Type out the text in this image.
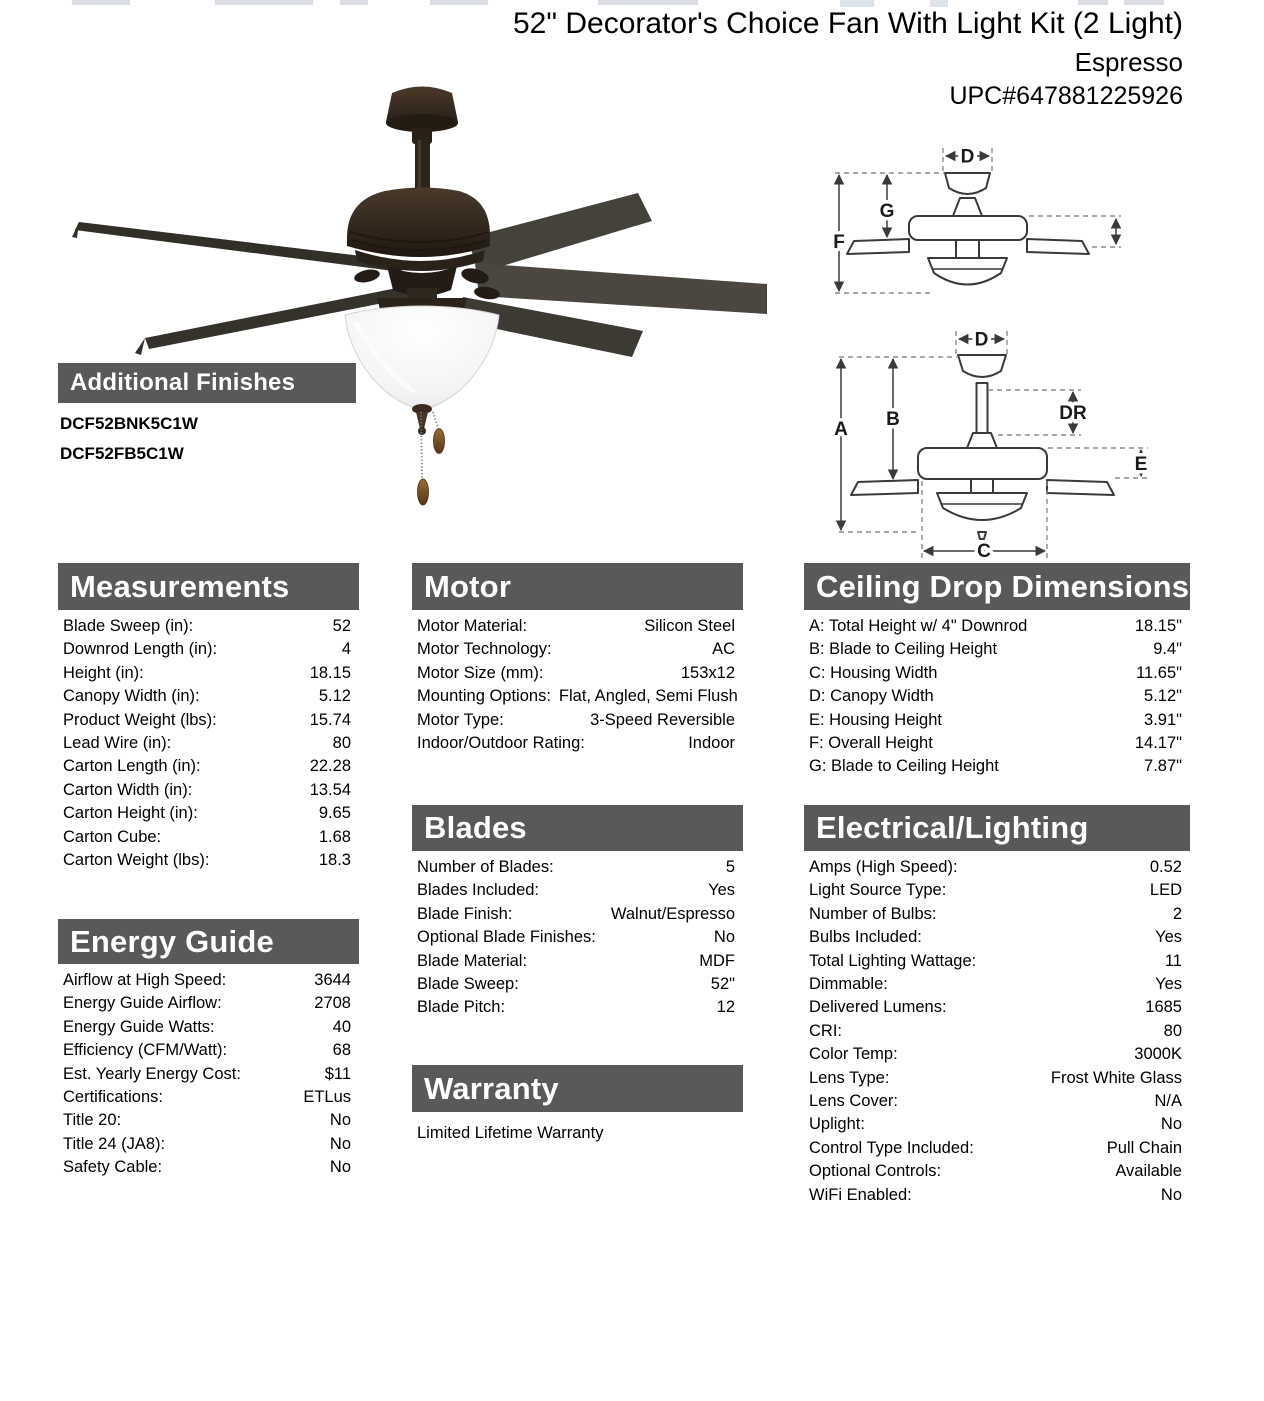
D
F
G
D
A B	DR
E
C
52" Decorator's Choice Fan With Light Kit (2 Light)
Espresso
UPC#647881225926
Additional Finishes
DCF52BNK5C1W
DCF52FB5C1W
Measurements
Blade Sweep (in):	52
Downrod Length (in):	4
Height (in):	18.15
Canopy Width (in):	5.12
Product Weight (lbs):	15.74
Lead Wire (in):	80
Carton Length (in):	22.28
Carton Width (in):	13.54
Carton Height (in):	9.65
Carton Cube:	1.68
Carton Weight (lbs):	18.3
Energy Guide
Airflow at High Speed:	3644
Energy Guide Airflow:	2708
Energy Guide Watts:	40
Efficiency (CFM/Watt):	68
Est. Yearly Energy Cost:	$11
Certifications:	ETLus
Title 20:	No
Title 24 (JA8):	No
Safety Cable:	No
Motor
Motor Material:	Silicon Steel
Motor Technology:	AC
Motor Size (mm):	153x12
Mounting Options: Flat, Angled, Semi Flush
Motor Type:	3-Speed Reversible
Indoor/Outdoor Rating:	Indoor
Blades
Number of Blades:	5
Blades Included:	Yes
Blade Finish:	Walnut/Espresso
Optional Blade Finishes:	No
Blade Material:	MDF
Blade Sweep:	52"
Blade Pitch:	12
Warranty
Limited Lifetime Warranty
Ceiling Drop Dimensions
A: Total Height w/ 4" Downrod	18.15"
B: Blade to Ceiling Height	9.4"
C: Housing Width	11.65"
D: Canopy Width	5.12"
E: Housing Height	3.91"
F: Overall Height	14.17"
G: Blade to Ceiling Height	7.87"
Electrical/Lighting
Amps (High Speed):	0.52
Light Source Type:	LED
Number of Bulbs:	2
Bulbs Included:	Yes
Total Lighting Wattage:	11
Dimmable:	Yes
Delivered Lumens:	1685
CRI:	80
Color Temp:	3000K
Lens Type:	Frost White Glass
Lens Cover:	N/A
Uplight:	No
Control Type Included:	Pull Chain
Optional Controls:	Available
WiFi Enabled:	No
